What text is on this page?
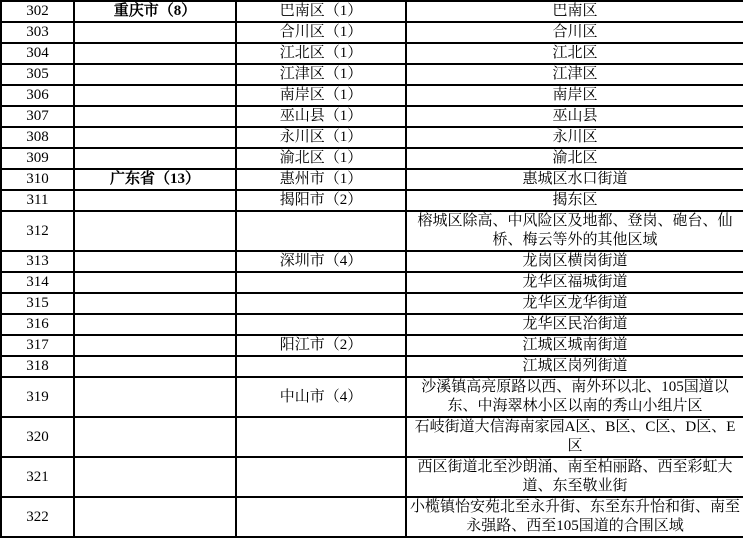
302	重庆市（8）	巴南区（1）	巴南区
303		合川区（1）	合川区
304		江北区（1）	江北区
305		江津区（1）	江津区
306		南岸区（1）	南岸区
307		巫山县（1）	巫山县
308		永川区（1）	永川区
309		渝北区（1）	渝北区
310	广东省（13）	惠州市（1）	惠城区水口街道
311		揭阳市（2）	揭东区
312			榕城区除高、中风险区及地都、登岗、砲台、仙桥、梅云等外的其他区域
313		深圳市（4）	龙岗区横岗街道
314			龙华区福城街道
315			龙华区龙华街道
316			龙华区民治街道
317		阳江市（2）	江城区城南街道
318			江城区岗列街道
319		中山市（4）	沙溪镇高亮原路以西、南外环以北、105国道以东、中海翠林小区以南的秀山小组片区
320			石岐街道大信海南家园A区、B区、C区、D区、E区
321			西区街道北至沙朗涌、南至柏丽路、西至彩虹大道、东至敬业街
322			小榄镇怡安苑北至永升街、东至东升怡和街、南至永强路、西至105国道的合围区域
